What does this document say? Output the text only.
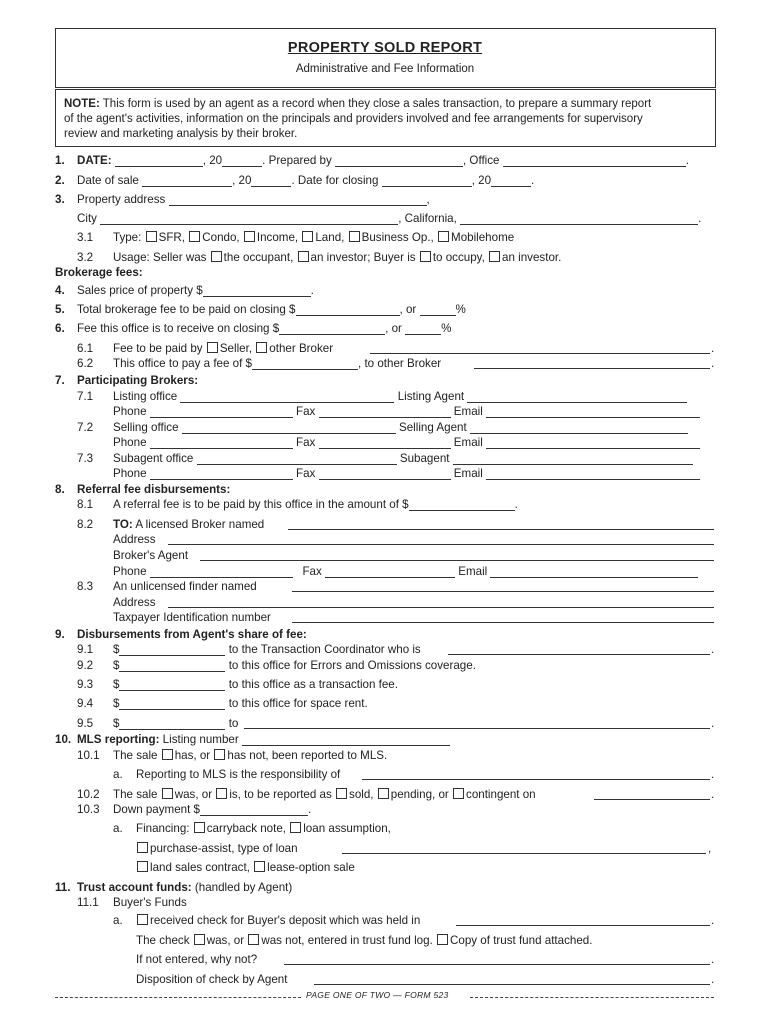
PROPERTY SOLD REPORT
Administrative and Fee Information
NOTE: This form is used by an agent as a record when they close a sales transaction, to prepare a summary report
of the agent's activities, information on the principals and providers involved and fee arrangements for supervisory
review and marketing analysis by their broker.
1. DATE:	, 20	. Prepared by	, Office	.
2. Date of sale	, 20	. Date for closing	, 20	.
3. Property address	,
City	, California,	.
3.1 Type: SFR, Condo, Income, Land, Business Op., Mobilehome
3.2 Usage: Seller was the occupant, an investor; Buyer is to occupy, an investor.
Brokerage fees:
4. Sales price of property $	.
5. Total brokerage fee to be paid on closing $	, or	%
6. Fee this office is to receive on closing $	, or	%
6.1 Fee to be paid by Seller, other Broker	.
6.2 This office to pay a fee of $	, to other Broker	.
7. Participating Brokers:
7.1 Listing office	Listing Agent
Phone	Fax	Email
7.2 Selling office	Selling Agent
Phone	Fax	Email
7.3 Subagent office	Subagent
Phone	Fax	Email
8. Referral fee disbursements:
8.1 A referral fee is to be paid by this office in the amount of $	.
8.2 TO: A licensed Broker named
Address
Broker's Agent
Phone	Fax	Email
8.3 An unlicensed finder named
Address
Taxpayer Identification number
9. Disbursements from Agent's share of fee:
9.1 $	to the Transaction Coordinator who is	.
9.2 $	to this office for Errors and Omissions coverage.
9.3 $	to this office as a transaction fee.
9.4 $	to this office for space rent.
9.5 $	to	.
10. MLS reporting: Listing number
10.1 The sale has, or has not, been reported to MLS.
a. Reporting to MLS is the responsibility of	.
10.2 The sale was, or is, to be reported as sold, pending, or contingent on	.
10.3 Down payment $	.
a. Financing: carryback note, loan assumption,
purchase-assist, type of loan	,
land sales contract, lease-option sale
11. Trust account funds: (handled by Agent)
11.1 Buyer's Funds
a.	received check for Buyer's deposit which was held in	.
The check was, or was not, entered in trust fund log. Copy of trust fund attached.
If not entered, why not?	.
Disposition of check by Agent	.
PAGE ONE OF TWO — FORM 523
